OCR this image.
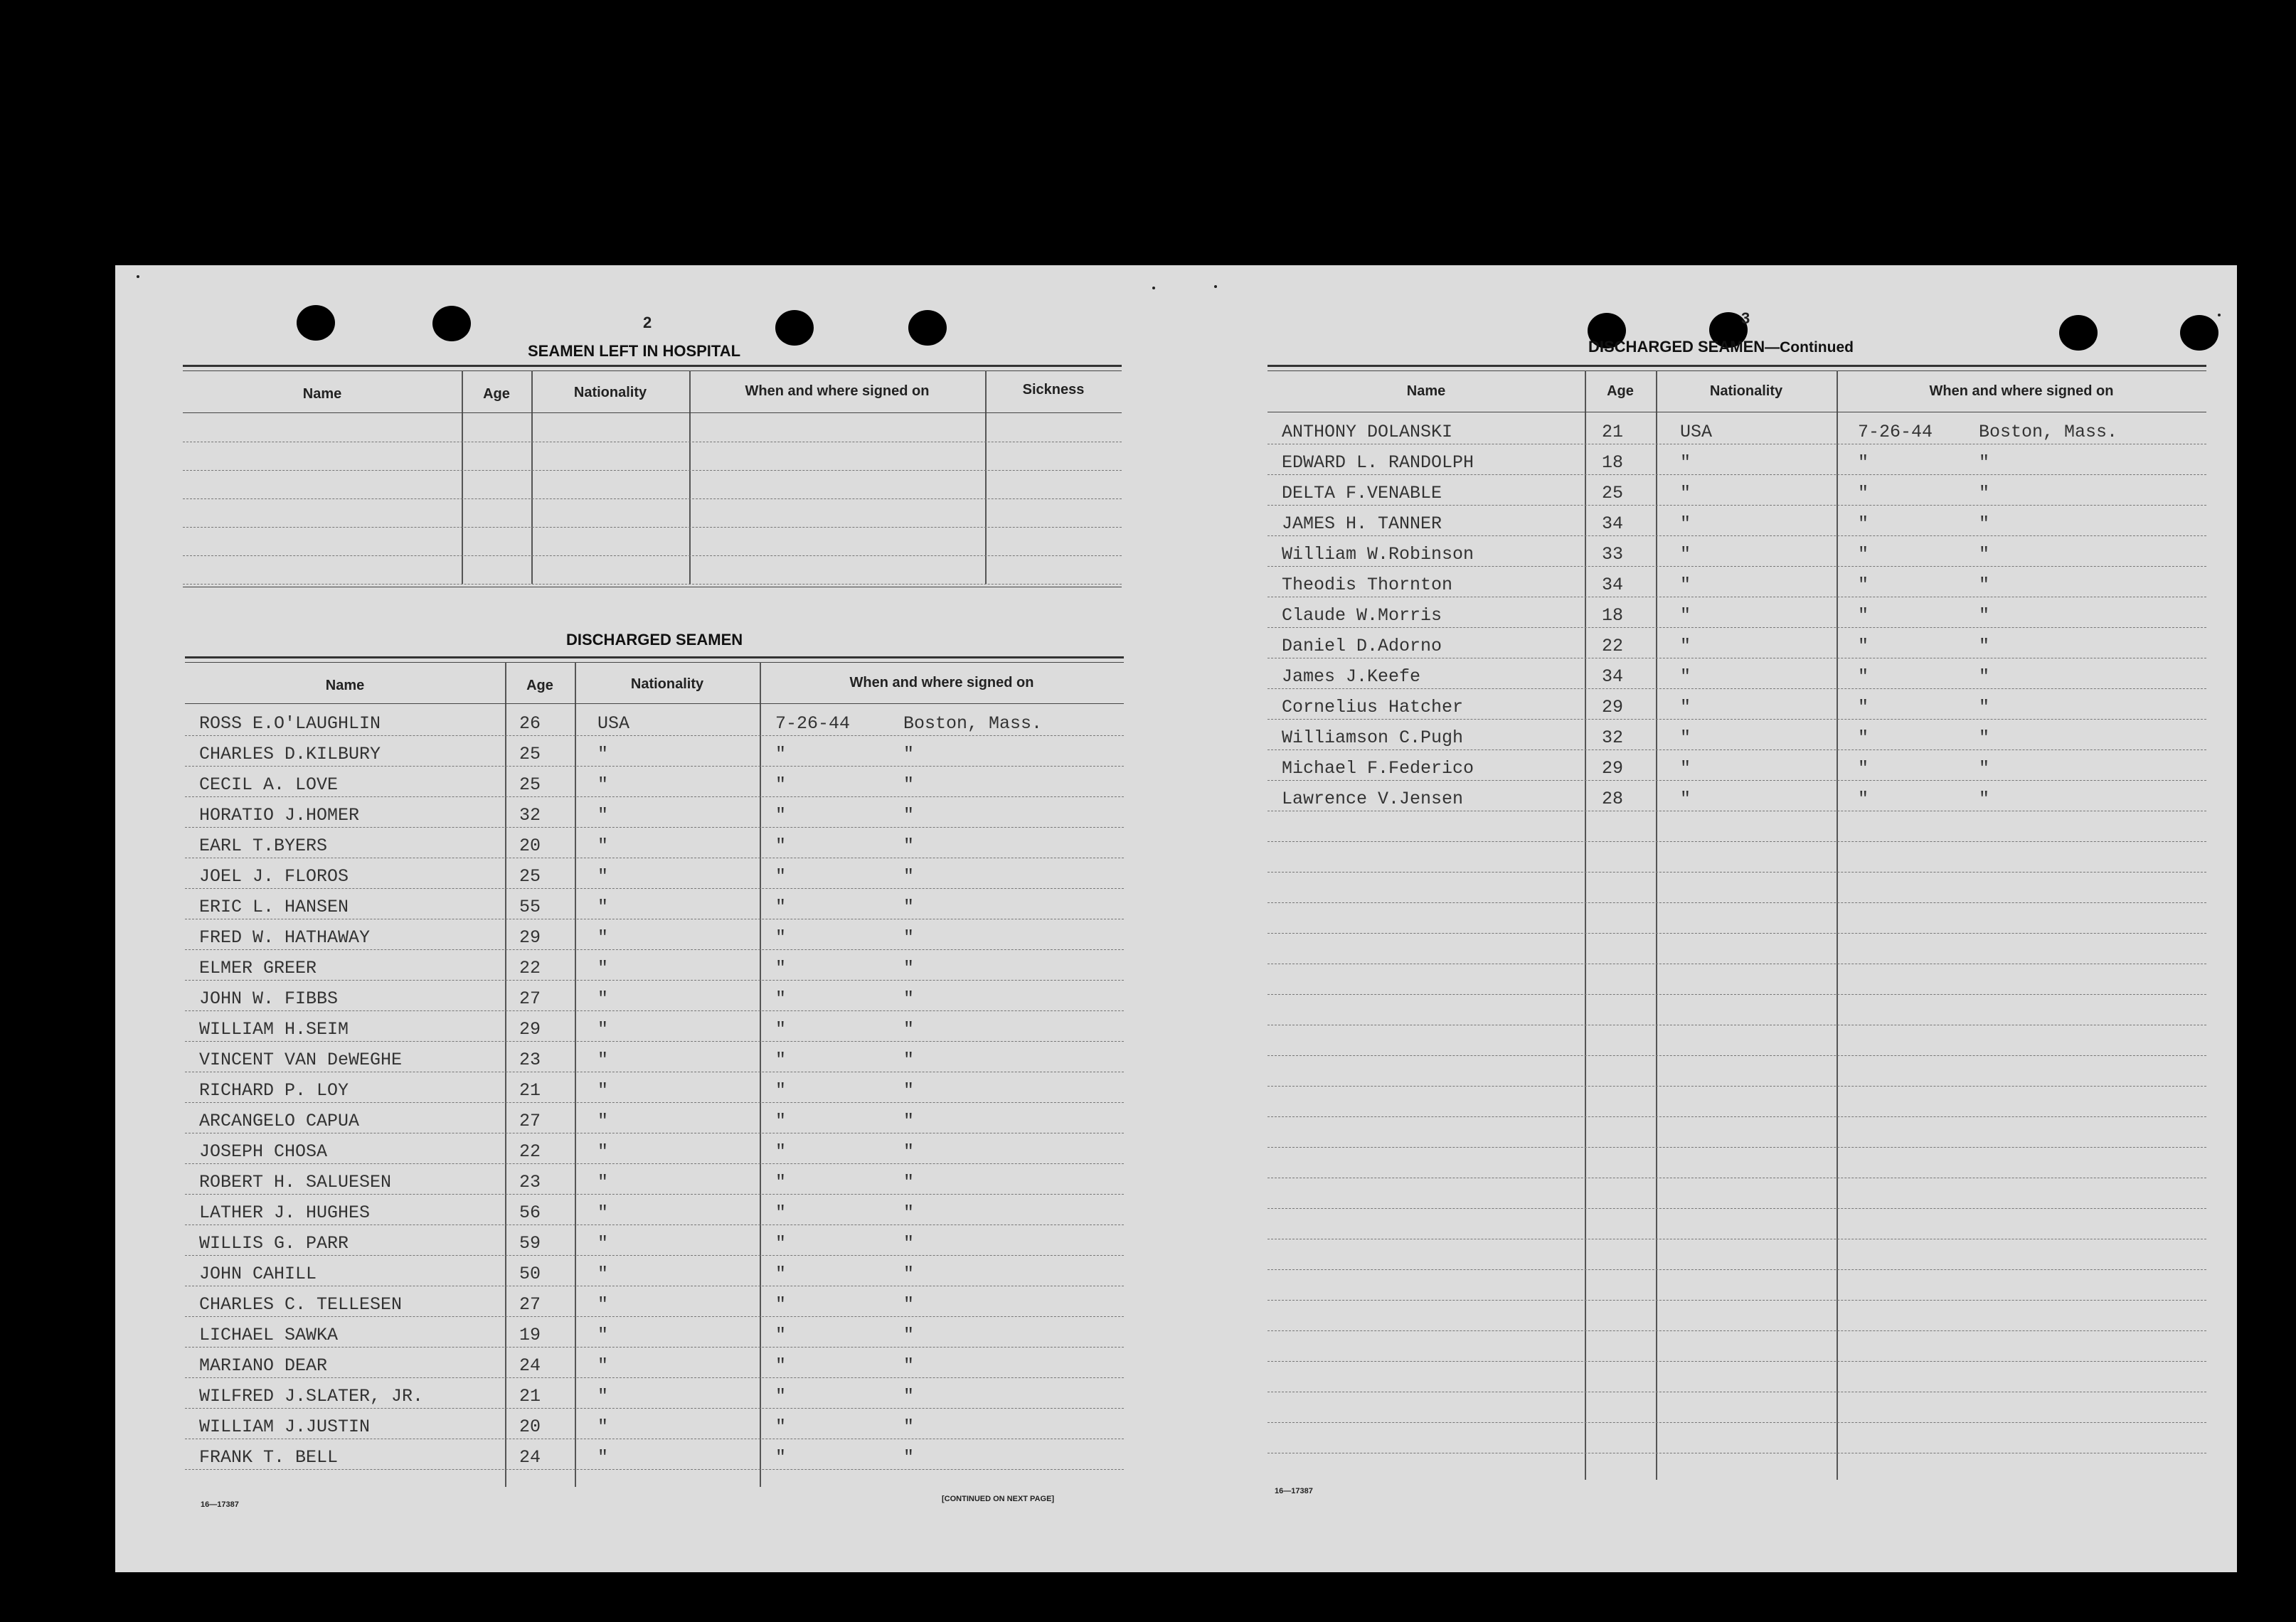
2
SEAMEN LEFT IN HOSPITAL
Name	Age	Nationality	When and where signed on	Sickness
DISCHARGED SEAMEN
Name	Age	Nationality	When and where signed on
ROSS E.O'LAUGHLIN	26	USA	7-26-44	Boston, Mass.
CHARLES D.KILBURY	25	"	"	"
CECIL A. LOVE	25	"	"	"
HORATIO J.HOMER	32	"	"	"
EARL T.BYERS	20	"	"	"
JOEL J. FLOROS	25	"	"	"
ERIC L. HANSEN	55	"	"	"
FRED W. HATHAWAY	29	"	"	"
ELMER GREER	22	"	"	"
JOHN W. FIBBS	27	"	"	"
WILLIAM H.SEIM	29	"	"	"
VINCENT VAN DeWEGHE	23	"	"	"
RICHARD P. LOY	21	"	"	"
ARCANGELO CAPUA	27	"	"	"
JOSEPH CHOSA	22	"	"	"
ROBERT H. SALUESEN	23	"	"	"
LATHER J. HUGHES	56	"	"	"
WILLIS G. PARR	59	"	"	"
JOHN CAHILL	50	"	"	"
CHARLES C. TELLESEN	27	"	"	"
LICHAEL SAWKA	19	"	"	"
MARIANO DEAR	24	"	"	"
WILFRED J.SLATER, JR.	21	"	"	"
WILLIAM J.JUSTIN	20	"	"	"
FRANK T. BELL	24	"	"	"
16—17387
[CONTINUED ON NEXT PAGE]
3
DISCHARGED SEAMEN—Continued
Name	Age	Nationality	When and where signed on
ANTHONY DOLANSKI	21	USA	7-26-44	Boston, Mass.
EDWARD L. RANDOLPH	18	"	"	"
DELTA F.VENABLE	25	"	"	"
JAMES H. TANNER	34	"	"	"
William W.Robinson	33	"	"	"
Theodis Thornton	34	"	"	"
Claude W.Morris	18	"	"	"
Daniel D.Adorno	22	"	"	"
James J.Keefe	34	"	"	"
Cornelius Hatcher	29	"	"	"
Williamson C.Pugh	32	"	"	"
Michael F.Federico	29	"	"	"
Lawrence V.Jensen	28	"	"	"
16—17387
